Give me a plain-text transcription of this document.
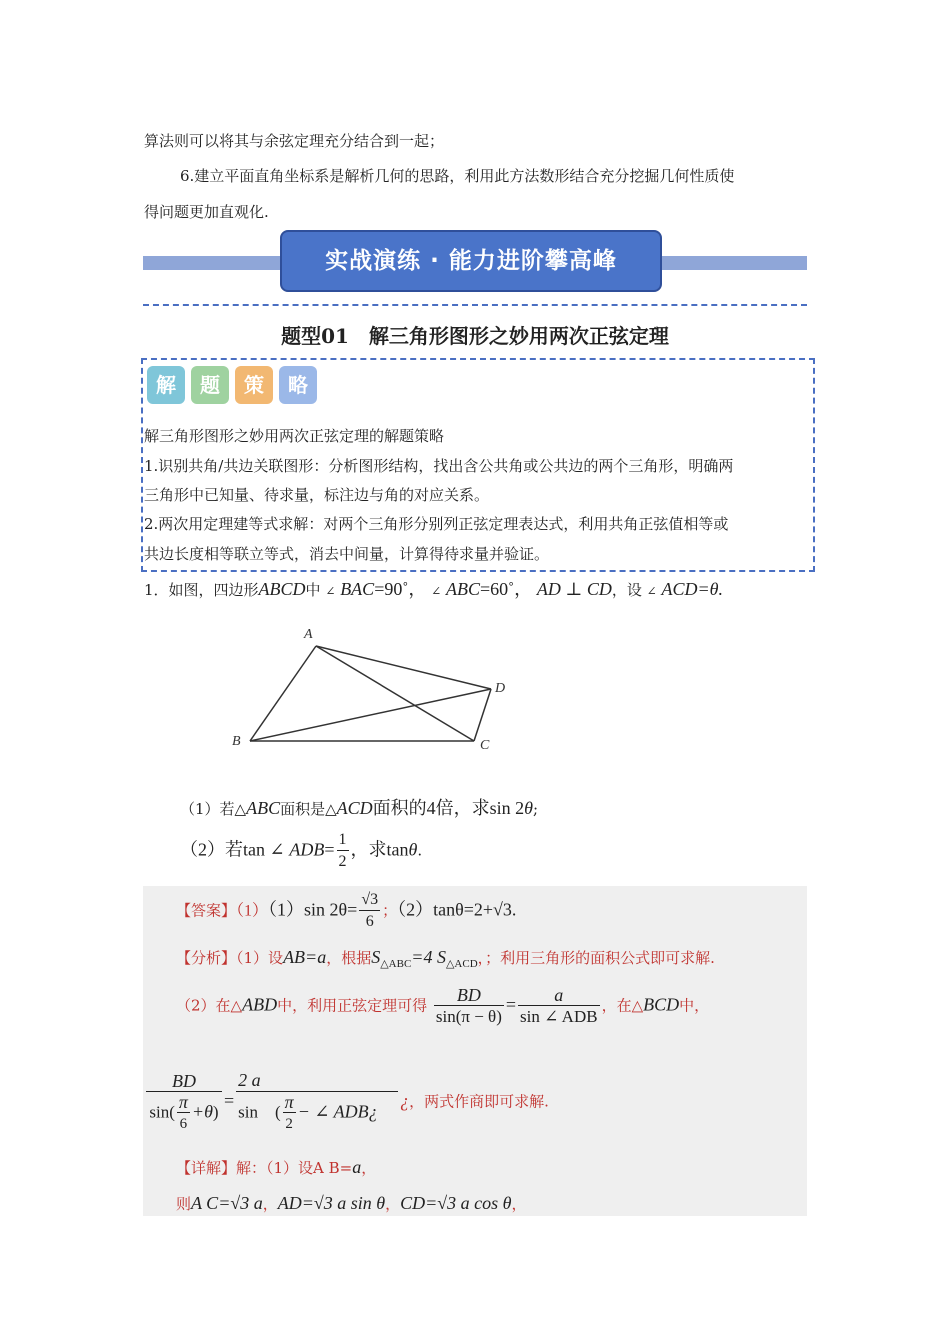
算法则可以将其与余弦定理充分结合到一起；
6.建立平面直角坐标系是解析几何的思路，利用此方法数形结合充分挖掘几何性质使
得问题更加直观化.
实战演练 · 能力进阶攀高峰
题型01　解三角形图形之妙用两次正弦定理
解	题	策	略
解三角形图形之妙用两次正弦定理的解题策略
1.识别共角/共边关联图形：分析图形结构，找出含公共角或公共边的两个三角形，明确两
三角形中已知量、待求量，标注边与角的对应关系。
2.两次用定理建等式求解：对两个三角形分别列正弦定理表达式，利用共角正弦值相等或
共边长度相等联立等式，消去中间量，计算得待求量并验证。
1．如图，四边形ABCD中 ∠ BAC=90˚， ∠ ABC=60˚， AD ⊥ CD，设 ∠ ACD=θ.
A
B	C
D
（1）若△ABC面积是△ACD面积的4倍，求sin 2θ;
（2）若tan ∠ $ADB= \frac{1}{2}$ ，求tanθ.
【答案】（1）（1）sin $2\theta= \frac{√3}{6}$ ；（2）tanθ=2+√3.
【分析】（1）设AB=a，根据$S_{\triangle ABC}=4$ $S_{\triangle ACD}$，；利用三角形的面积公式即可求解.
（2）在△ABD中，利用正弦定理可得 $\frac{BD}{\sin(\pi - \theta)} = \frac{a}{\text{sin ∠ ADB}}$ ，在△BCD中，
$\frac{BD}{\sin( \frac{\pi}{6} +\theta)} = \frac{2 a}{\sin ( \frac{\pi}{2} - \angle ADB¿}$ ¿，两式作商即可求解.
【详解】解：（1）设A B=a，
则A C=√3 a，AD=√3 a sin θ，CD=√3 a cos θ，
